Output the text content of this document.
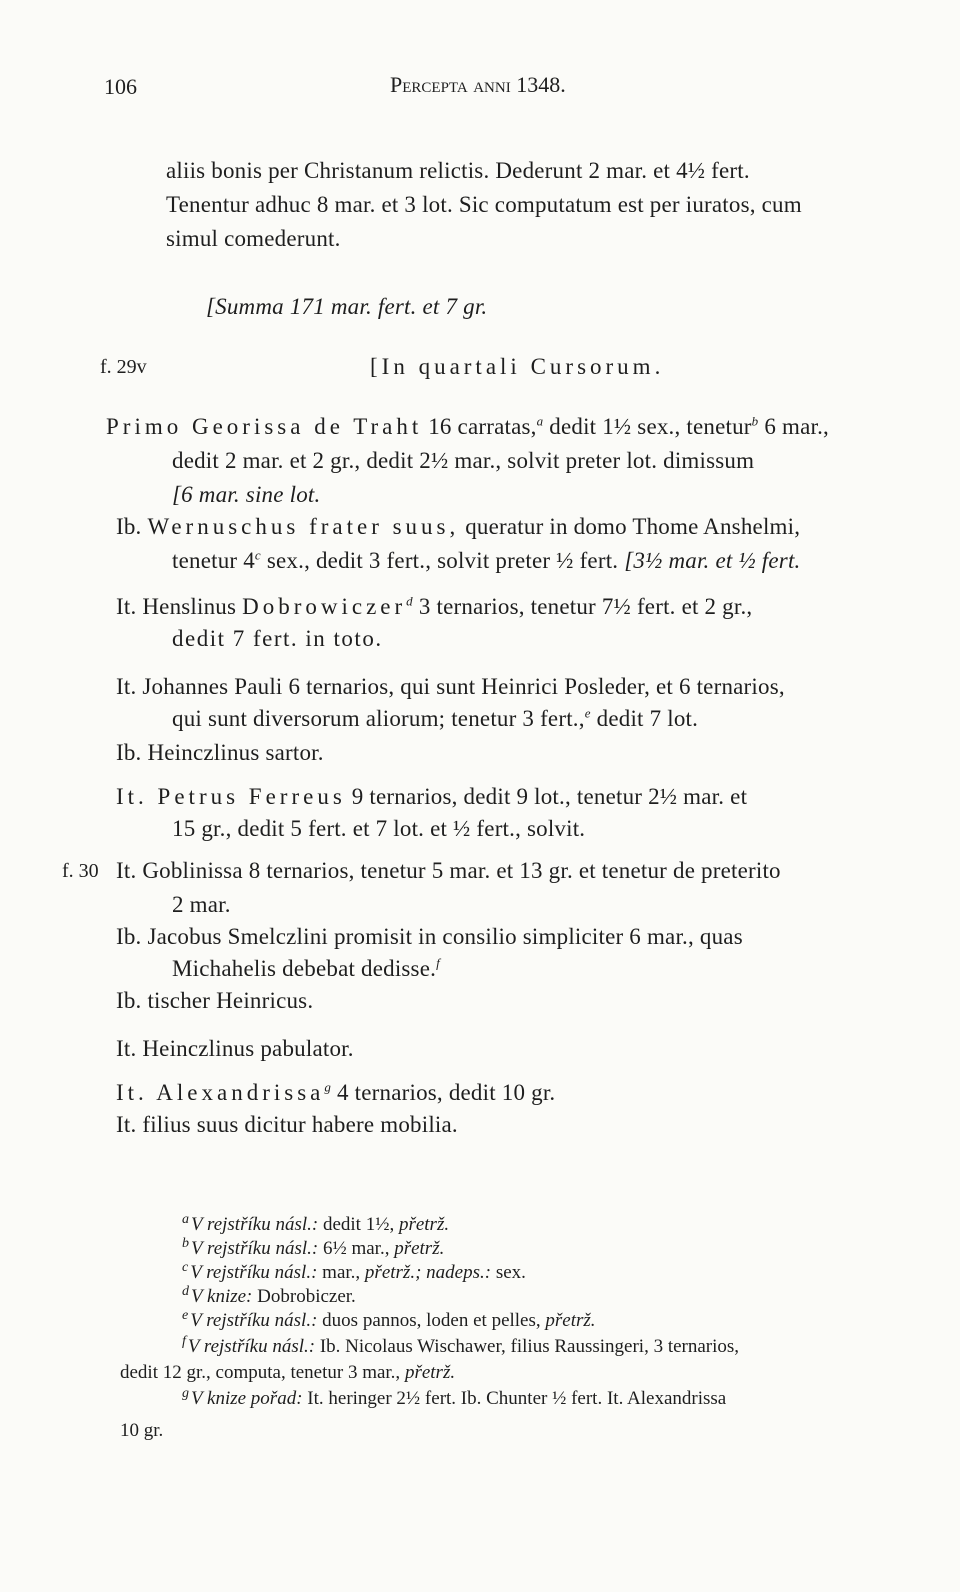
106	Percepta anni 1348.
aliis bonis per Christanum relictis. Dederunt 2 mar. et 4½ fert.
Tenentur adhuc 8 mar. et 3 lot. Sic computatum est per iuratos, cum
simul comederunt.
[Summa 171 mar. fert. et 7 gr.
f. 29v	[In quartali Cursorum.
Primo Georissa de Traht 16 carratas,$^a$ dedit 1½ sex., tenetur$^b$ 6 mar.,
dedit 2 mar. et 2 gr., dedit 2½ mar., solvit preter lot. dimissum
[6 mar. sine lot.
Ib. Wernuschus frater suus, queratur in domo Thome Anshelmi,
tenetur 4$^c$ sex., dedit 3 fert., solvit preter ½ fert. [3½ mar. et ½ fert.
It. Henslinus Dobrowiczer$^d$ 3 ternarios, tenetur 7½ fert. et 2 gr.,
dedit 7 fert. in toto.
It. Johannes Pauli 6 ternarios, qui sunt Heinrici Posleder, et 6 ternarios,
qui sunt diversorum aliorum; tenetur 3 fert.,$^e$ dedit 7 lot.
Ib. Heinczlinus sartor.
It. Petrus Ferreus 9 ternarios, dedit 9 lot., tenetur 2½ mar. et
15 gr., dedit 5 fert. et 7 lot. et ½ fert., solvit.
f. 30 It. Goblinissa 8 ternarios, tenetur 5 mar. et 13 gr. et tenetur de preterito
2 mar.
Ib. Jacobus Smelczlini promisit in consilio simpliciter 6 mar., quas
Michahelis debebat dedisse.$^f$
Ib. tischer Heinricus.
It. Heinczlinus pabulator.
It. Alexandrissa$^g$ 4 ternarios, dedit 10 gr.
It. filius suus dicitur habere mobilia.
$^a$ V rejstříku násl.: dedit 1½, přetrž.
$^b$ V rejstříku násl.: 6½ mar., přetrž.
$^c$ V rejstříku násl.: mar., přetrž.; nadeps.: sex.
$^d$ V knize: Dobrobiczer.
$^e$ V rejstříku násl.: duos pannos, loden et pelles, přetrž.
$^f$ V rejstříku násl.: Ib. Nicolaus Wischawer, filius Raussingeri, 3 ternarios,
dedit 12 gr., computa, tenetur 3 mar., přetrž.
$^g$ V knize pořad: It. heringer 2½ fert. Ib. Chunter ½ fert. It. Alexandrissa
10 gr.
